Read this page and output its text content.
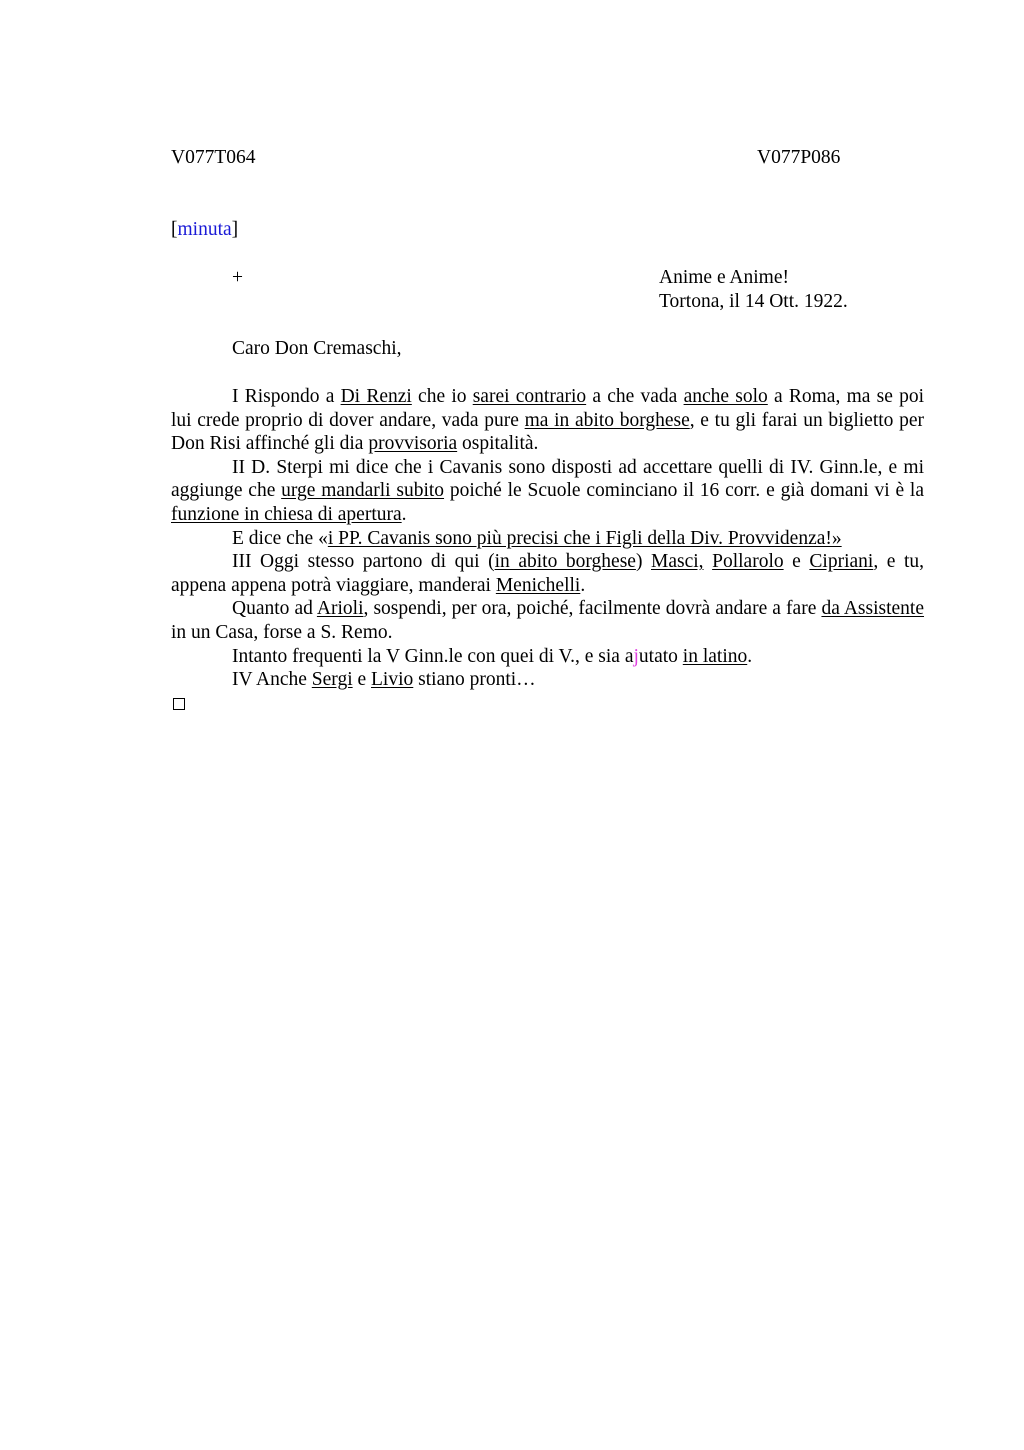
V077T064	V077P086
[minuta]
+	Anime e Anime!
Tortona, il 14 Ott. 1922.
Caro Don Cremaschi,

I Rispondo a Di Renzi che io sarei contrario a che vada anche solo a Roma, ma se poi lui crede proprio di dover andare, vada pure ma in abito borghese, e tu gli farai un biglietto per Don Risi affinché gli dia provvisoria ospitalità.

II D. Sterpi mi dice che i Cavanis sono disposti ad accettare quelli di IV. Ginn.le, e mi aggiunge che urge mandarli subito poiché le Scuole cominciano il 16 corr. e già domani vi è la funzione in chiesa di apertura.

E dice che «i PP. Cavanis sono più precisi che i Figli della Div. Provvidenza!»

III Oggi stesso partono di qui (in abito borghese) Masci, Pollarolo e Cipriani, e tu, appena appena potrà viaggiare, manderai Menichelli.

Quanto ad Arioli, sospendi, per ora, poiché, facilmente dovrà andare a fare da Assistente in un Casa, forse a S. Remo.

Intanto frequenti la V Ginn.le con quei di V., e sia ajutato in latino.

IV Anche Sergi e Livio stiano pronti…
